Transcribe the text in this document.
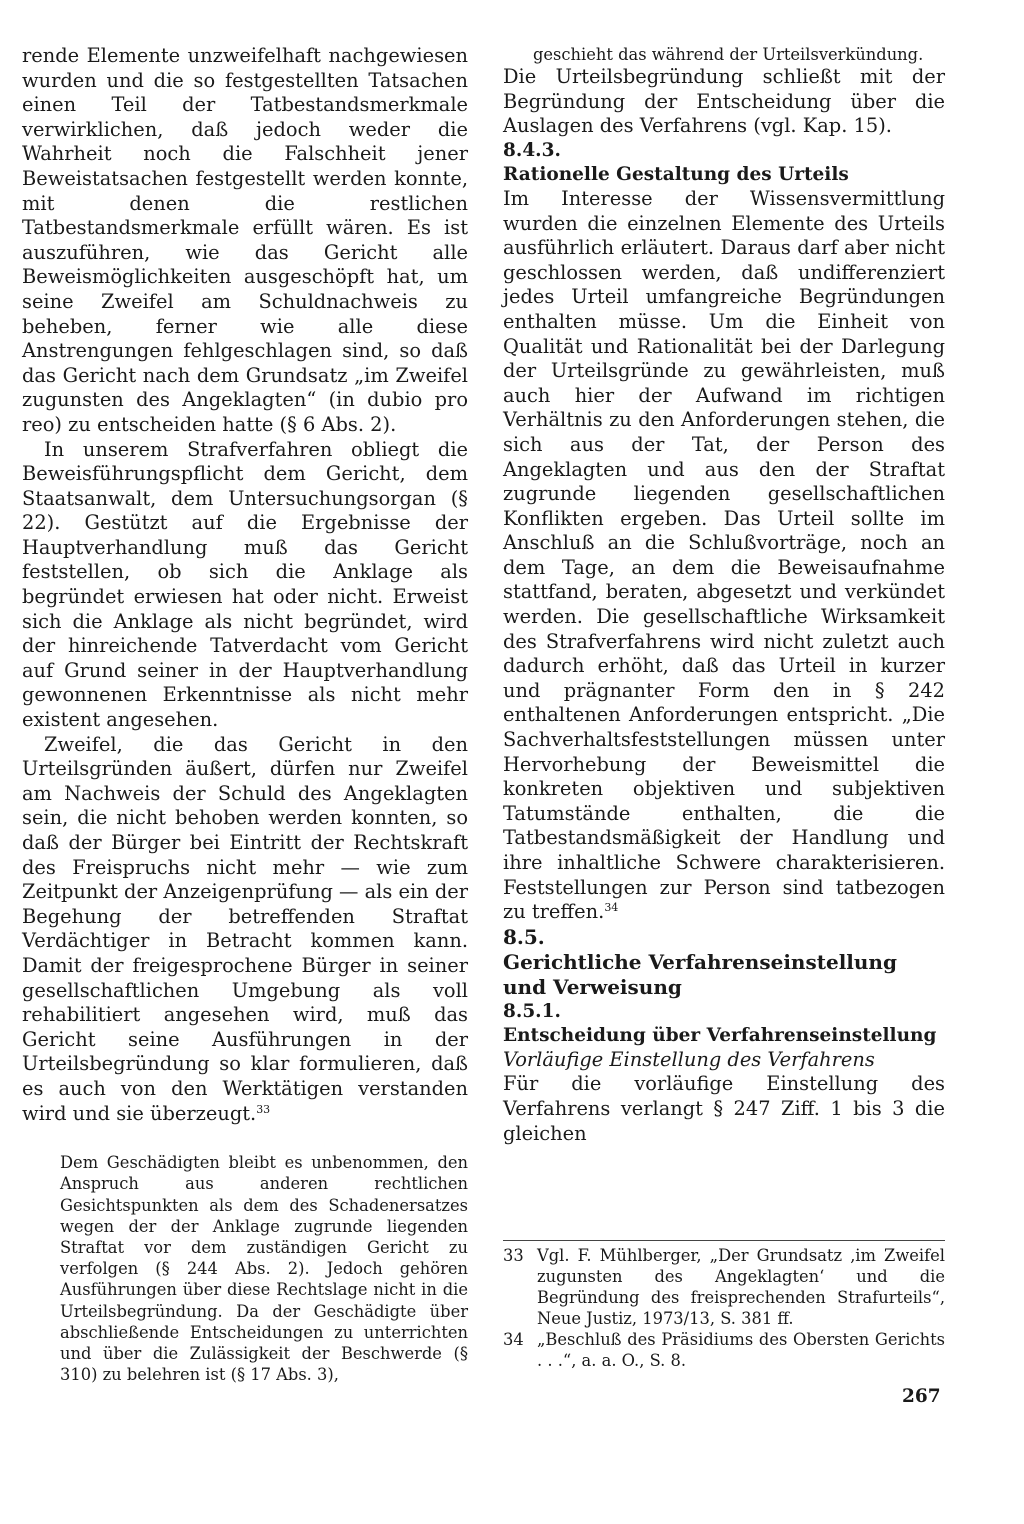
rende Elemente unzweifelhaft nachgewiesen wurden und die so festgestellten Tatsachen einen Teil der Tatbestandsmerkmale verwirklichen, daß jedoch weder die Wahrheit noch die Falschheit jener Beweistatsachen festgestellt werden konnte, mit denen die restlichen Tatbestandsmerkmale erfüllt wären. Es ist auszuführen, wie das Gericht alle Beweismöglichkeiten ausgeschöpft hat, um seine Zweifel am Schuldnachweis zu beheben, ferner wie alle diese Anstrengungen fehlgeschlagen sind, so daß das Gericht nach dem Grundsatz „im Zweifel zugunsten des Angeklagten“ (in dubio pro reo) zu entscheiden hatte (§ 6 Abs. 2).

In unserem Strafverfahren obliegt die Beweisführungspflicht dem Gericht, dem Staatsanwalt, dem Untersuchungsorgan (§ 22). Gestützt auf die Ergebnisse der Hauptverhandlung muß das Gericht feststellen, ob sich die Anklage als begründet erwiesen hat oder nicht. Erweist sich die Anklage als nicht begründet, wird der hinreichende Tatverdacht vom Gericht auf Grund seiner in der Hauptverhandlung gewonnenen Erkenntnisse als nicht mehr existent angesehen.

Zweifel, die das Gericht in den Urteilsgründen äußert, dürfen nur Zweifel am Nachweis der Schuld des Angeklagten sein, die nicht behoben werden konnten, so daß der Bürger bei Eintritt der Rechtskraft des Freispruchs nicht mehr — wie zum Zeitpunkt der Anzeigenprüfung — als ein der Begehung der betreffenden Straftat Verdächtiger in Betracht kommen kann. Damit der freigesprochene Bürger in seiner gesellschaftlichen Umgebung als voll rehabilitiert angesehen wird, muß das Gericht seine Ausführungen in der Urteilsbegründung so klar formulieren, daß es auch von den Werktätigen verstanden wird und sie überzeugt.$^{33}$

Dem Geschädigten bleibt es unbenommen, den Anspruch aus anderen rechtlichen Gesichtspunkten als dem des Schadenersatzes wegen der der Anklage zugrunde liegenden Straftat vor dem zuständigen Gericht zu verfolgen (§ 244 Abs. 2). Jedoch gehören Ausführungen über diese Rechtslage nicht in die Urteilsbegründung. Da der Geschädigte über abschließende Entscheidungen zu unterrichten und über die Zulässigkeit der Beschwerde (§ 310) zu belehren ist (§ 17 Abs. 3),

geschieht das während der Urteilsverkündung.

Die Urteilsbegründung schließt mit der Begründung der Entscheidung über die Auslagen des Verfahrens (vgl. Kap. 15).

8.4.3.

Rationelle Gestaltung des Urteils

Im Interesse der Wissensvermittlung wurden die einzelnen Elemente des Urteils ausführlich erläutert. Daraus darf aber nicht geschlossen werden, daß undifferenziert jedes Urteil umfangreiche Begründungen enthalten müsse. Um die Einheit von Qualität und Rationalität bei der Darlegung der Urteilsgründe zu gewährleisten, muß auch hier der Aufwand im richtigen Verhältnis zu den Anforderungen stehen, die sich aus der Tat, der Person des Angeklagten und aus den der Straftat zugrunde liegenden gesellschaftlichen Konflikten ergeben. Das Urteil sollte im Anschluß an die Schlußvorträge, noch an dem Tage, an dem die Beweisaufnahme stattfand, beraten, abgesetzt und verkündet werden. Die gesellschaftliche Wirksamkeit des Strafverfahrens wird nicht zuletzt auch dadurch erhöht, daß das Urteil in kurzer und prägnanter Form den in § 242 enthaltenen Anforderungen entspricht. „Die Sachverhaltsfeststellungen müssen unter Hervorhebung der Beweismittel die konkreten objektiven und subjektiven Tatumstände enthalten, die die Tatbestandsmäßigkeit der Handlung und ihre inhaltliche Schwere charakterisieren. Feststellungen zur Person sind tatbezogen zu treffen.$^{34}$

8.5.

Gerichtliche Verfahrenseinstellung

und Verweisung

8.5.1.

Entscheidung über Verfahrenseinstellung

Vorläufige Einstellung des Verfahrens

Für die vorläufige Einstellung des Verfahrens verlangt § 247 Ziff. 1 bis 3 die gleichen

33 Vgl. F. Mühlberger, „Der Grundsatz ‚im Zweifel zugunsten des Angeklagten‘ und die Begründung des freisprechenden Strafurteils“, Neue Justiz, 1973/13, S. 381 ff.
34 „Beschluß des Präsidiums des Obersten Gerichts . . .“, a. a. O., S. 8.
267
